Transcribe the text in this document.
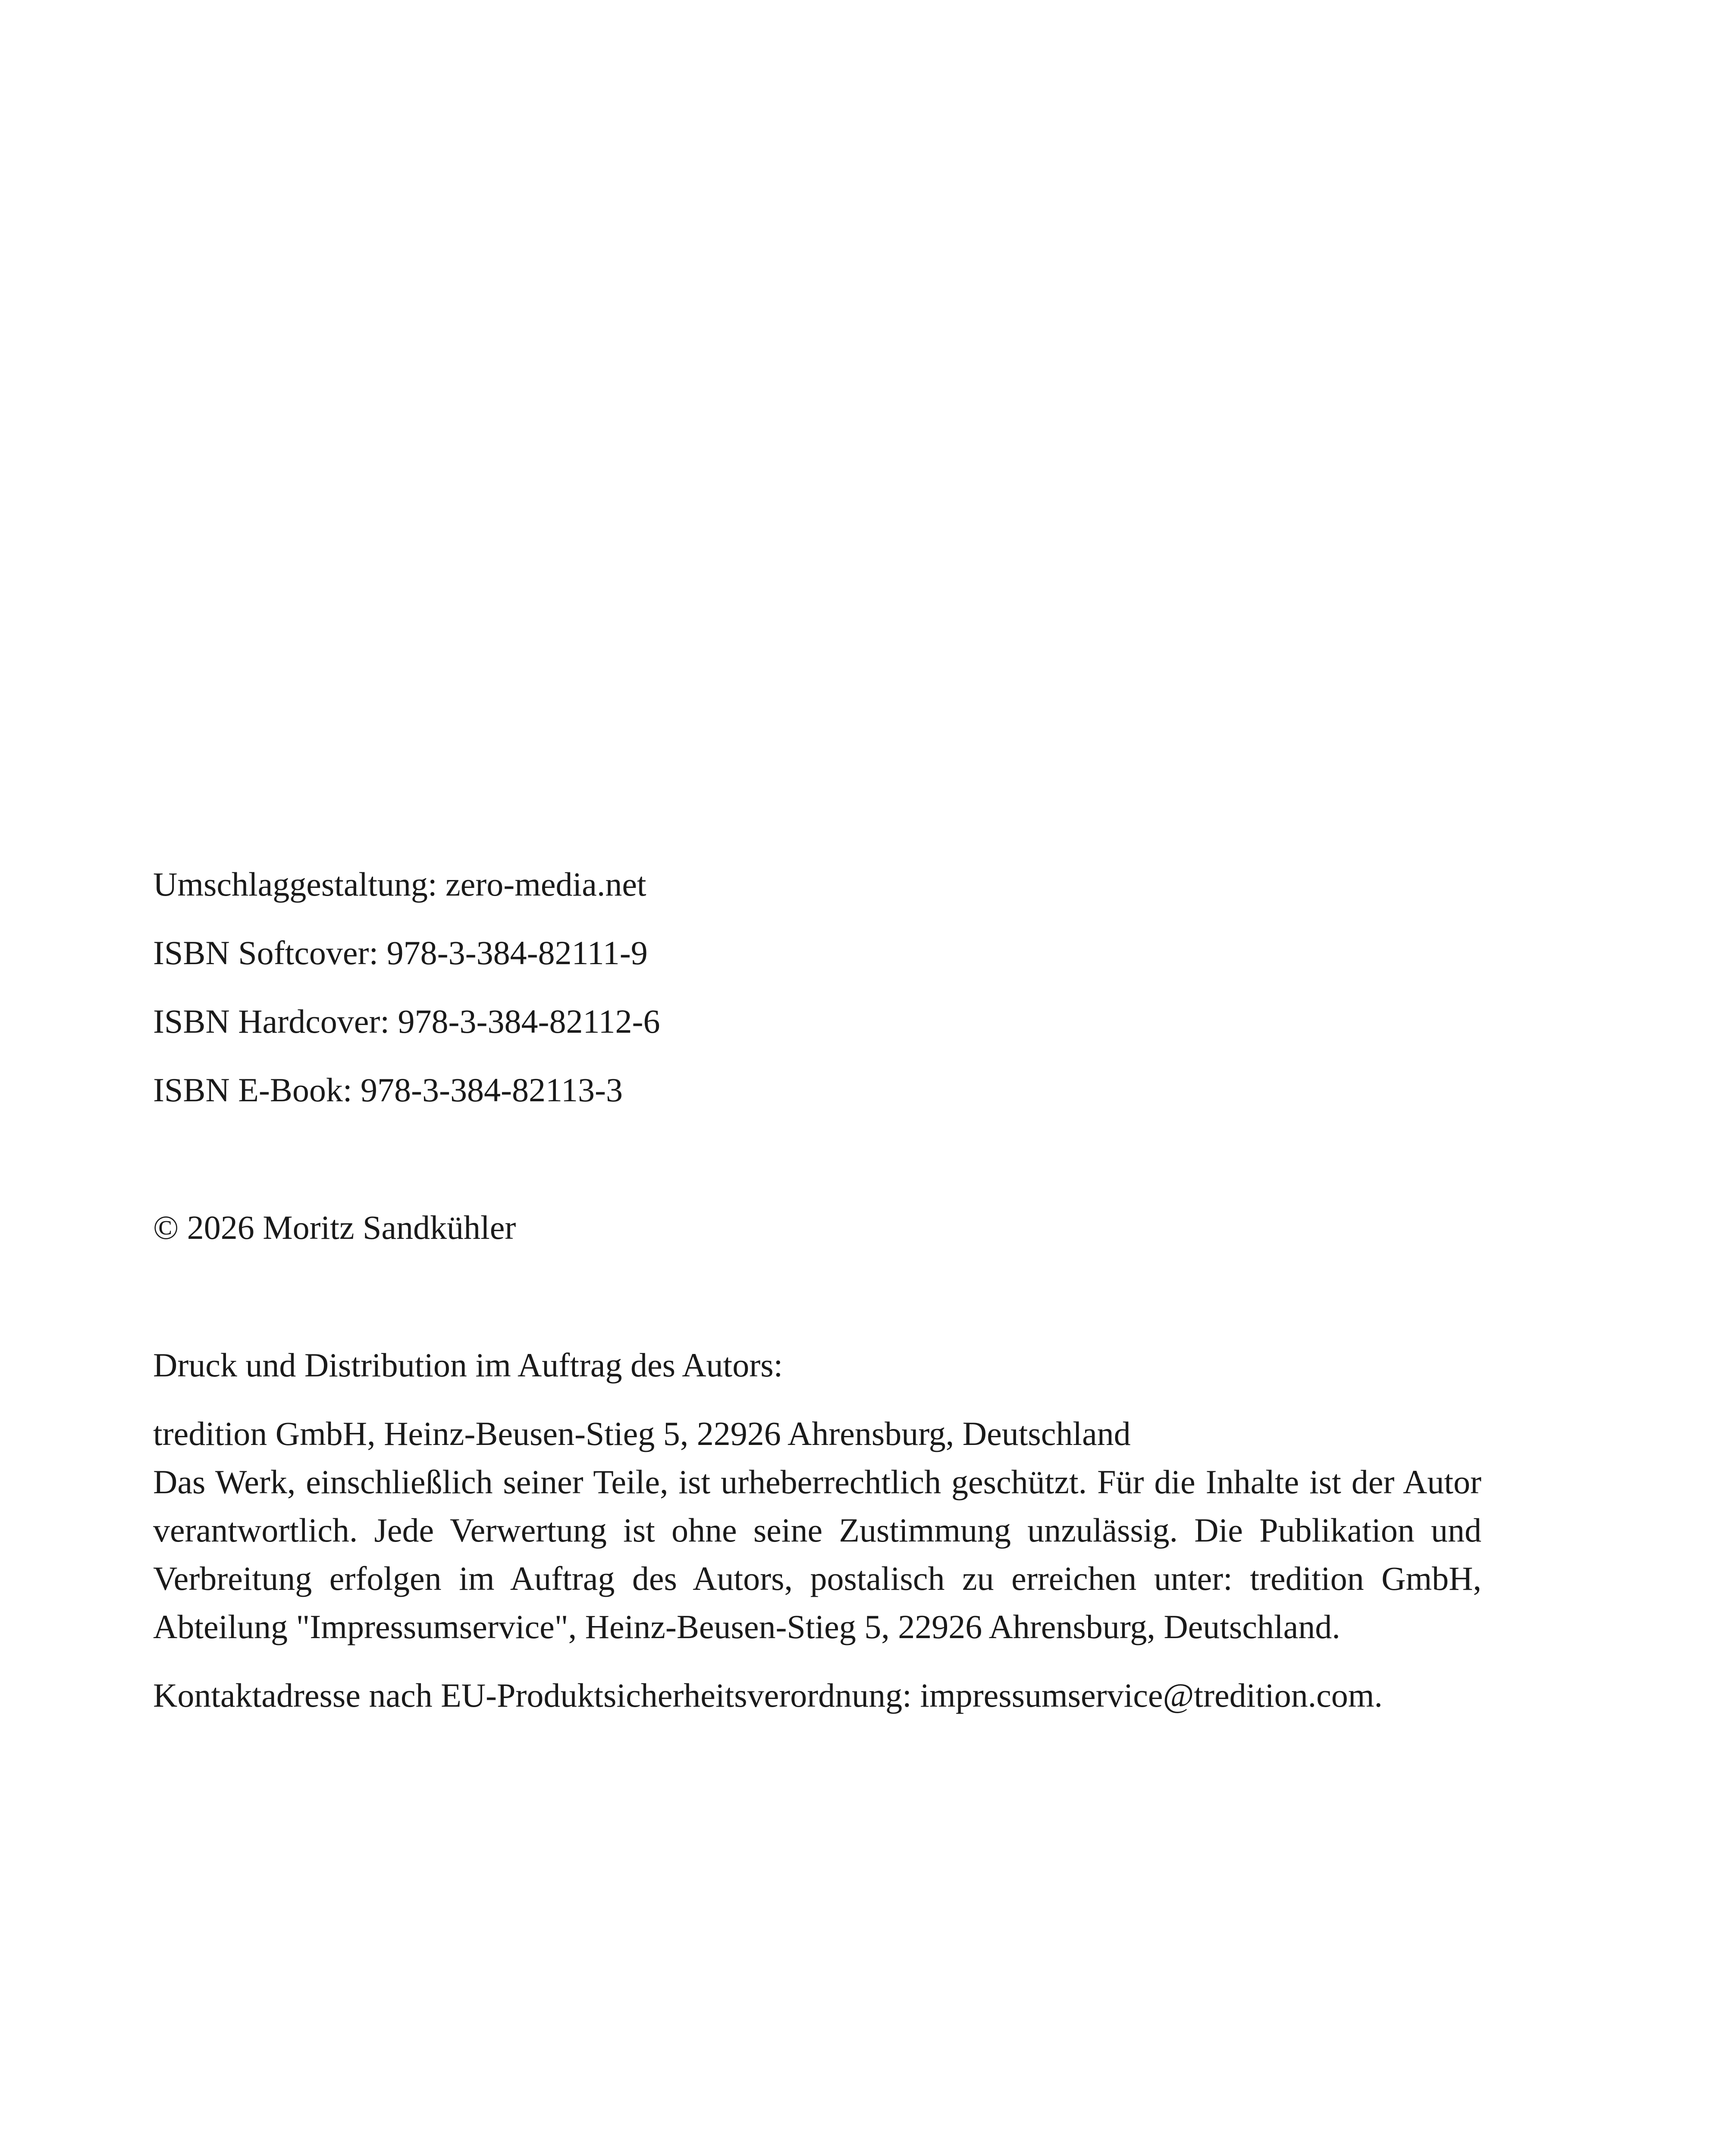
Umschlaggestaltung: zero-media.net
ISBN Softcover: 978-3-384-82111-9
ISBN Hardcover: 978-3-384-82112-6
ISBN E-Book: 978-3-384-82113-3
© 2026 Moritz Sandkühler
Druck und Distribution im Auftrag des Autors:
tredition GmbH, Heinz-Beusen-Stieg 5, 22926 Ahrensburg, Deutschland
Das Werk, einschließlich seiner Teile, ist urheberrechtlich geschützt. Für die Inhalte ist der Autor verantwortlich. Jede Verwertung ist ohne seine Zustimmung unzulässig. Die Publikation und Verbreitung erfolgen im Auftrag des Autors, postalisch zu erreichen unter: tredition GmbH, Abteilung "Impressumservice", Heinz-Beusen-Stieg 5, 22926 Ahrensburg, Deutschland.
Kontaktadresse nach EU-Produktsicherheitsverordnung: impressumservice@tredition.com.
